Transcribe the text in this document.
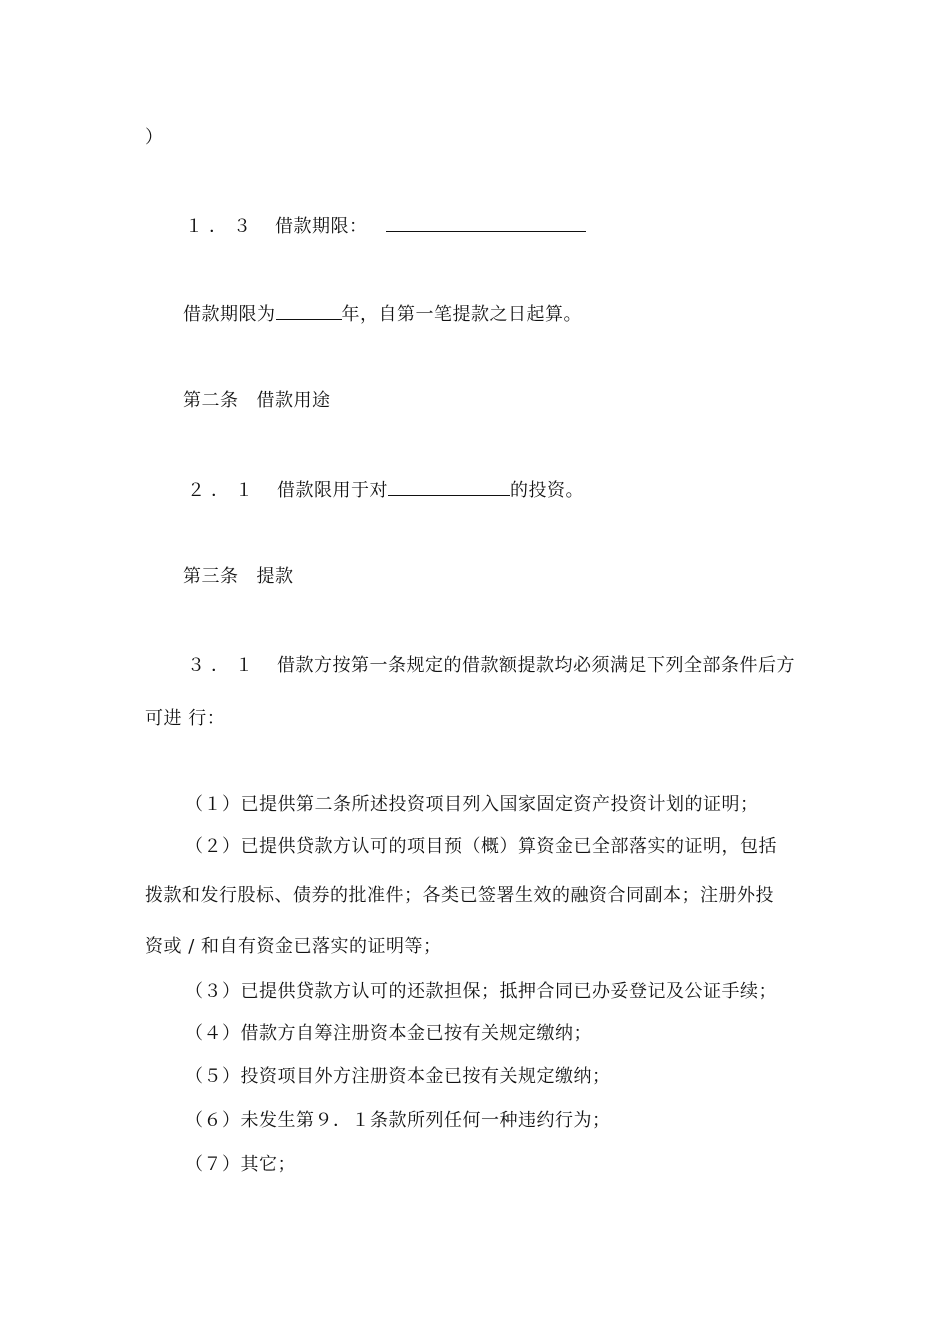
）
１．３ 借款期限：
借款期限为	年，自第一笔提款之日起算。
第二条 借款用途
２．１ 借款限用于对	的投资。
第三条 提款
３．１ 借款方按第一条规定的借款额提款均必须满足下列全部条件后方
可进 行：
（１）已提供第二条所述投资项目列入国家固定资产投资计划的证明；
（２）已提供贷款方认可的项目预（概）算资金已全部落实的证明，包括
拨款和发行股标、债券的批准件；各类已签署生效的融资合同副本；注册外投
资或 / 和自有资金已落实的证明等；
（３）已提供贷款方认可的还款担保；抵押合同已办妥登记及公证手续；
（４）借款方自筹注册资本金已按有关规定缴纳；
（５）投资项目外方注册资本金已按有关规定缴纳；
（６）未发生第９．１条款所列任何一种违约行为；
（７）其它；
